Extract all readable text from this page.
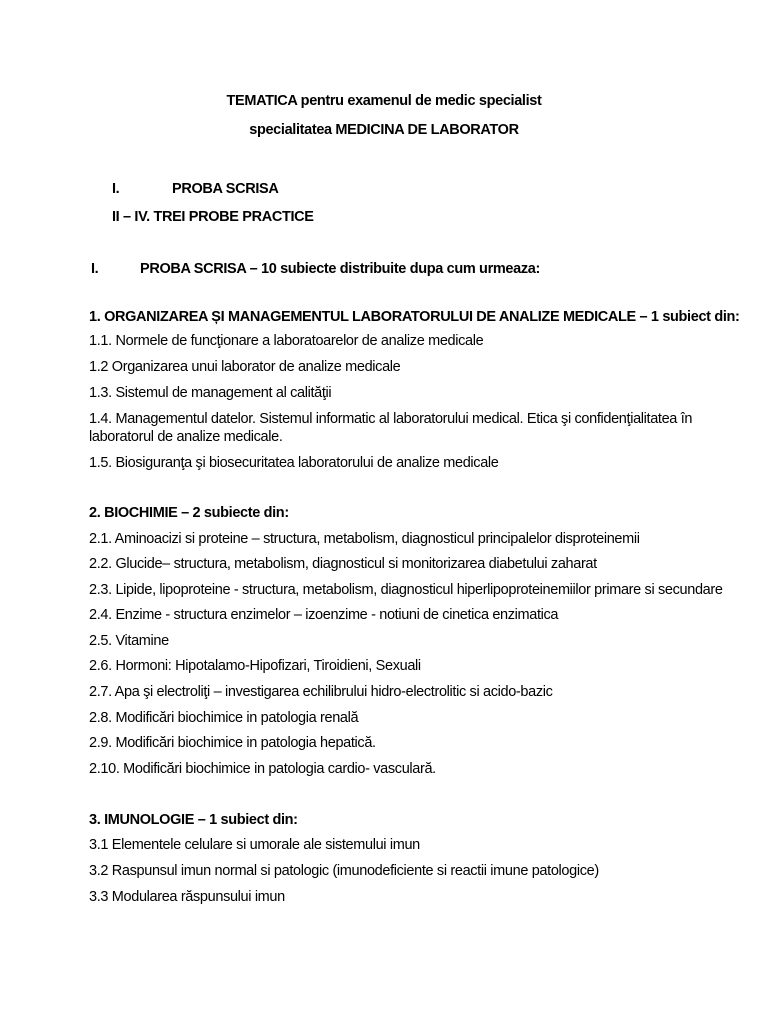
TEMATICA pentru examenul de medic specialist
specialitatea MEDICINA DE LABORATOR
I.	PROBA SCRISA
II – IV. TREI PROBE PRACTICE
I.	PROBA SCRISA – 10 subiecte distribuite dupa cum urmeaza:
1. ORGANIZAREA ȘI MANAGEMENTUL LABORATORULUI DE ANALIZE MEDICALE – 1 subiect din:
1.1. Normele de funcţionare a laboratoarelor de analize medicale
1.2 Organizarea unui laborator de analize medicale
1.3. Sistemul de management al calităţii
1.4. Managementul datelor. Sistemul informatic al laboratorului medical. Etica şi confidenţialitatea în
laboratorul de analize medicale.
1.5. Biosiguranţa şi biosecuritatea laboratorului de analize medicale
2. BIOCHIMIE – 2 subiecte din:
2.1. Aminoacizi si proteine – structura, metabolism, diagnosticul principalelor disproteinemii
2.2. Glucide– structura, metabolism, diagnosticul si monitorizarea diabetului zaharat
2.3. Lipide, lipoproteine - structura, metabolism, diagnosticul hiperlipoproteinemiilor primare si secundare
2.4. Enzime - structura enzimelor – izoenzime - notiuni de cinetica enzimatica
2.5. Vitamine
2.6. Hormoni: Hipotalamo-Hipofizari, Tiroidieni, Sexuali
2.7. Apa şi electroliţi – investigarea echilibrului hidro-electrolitic si acido-bazic
2.8. Modificări biochimice in patologia renală
2.9. Modificări biochimice in patologia hepatică.
2.10. Modificări biochimice in patologia cardio- vasculară.
3. IMUNOLOGIE – 1 subiect din:
3.1 Elementele celulare si umorale ale sistemului imun
3.2 Raspunsul imun normal si patologic (imunodeficiente si reactii imune patologice)
3.3 Modularea răspunsului imun
